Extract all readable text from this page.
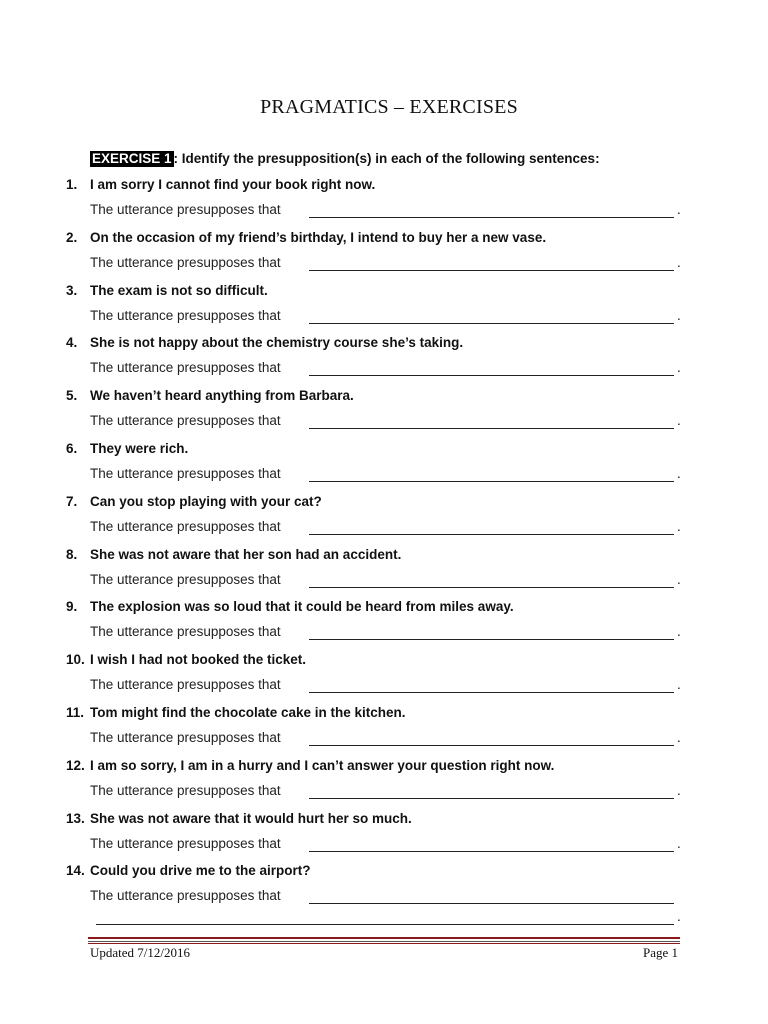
PRAGMATICS – EXERCISES
EXERCISE 1 : Identify the presupposition(s) in each of the following sentences:
1. I am sorry I cannot find your book right now.
The utterance presupposes that	.
2. On the occasion of my friend’s birthday, I intend to buy her a new vase.
The utterance presupposes that	.
3. The exam is not so difficult.
The utterance presupposes that	.
4. She is not happy about the chemistry course she’s taking.
The utterance presupposes that	.
5. We haven’t heard anything from Barbara.
The utterance presupposes that	.
6. They were rich.
The utterance presupposes that	.
7. Can you stop playing with your cat?
The utterance presupposes that	.
8. She was not aware that her son had an accident.
The utterance presupposes that	.
9. The explosion was so loud that it could be heard from miles away.
The utterance presupposes that	.
10. I wish I had not booked the ticket.
The utterance presupposes that	.
11. Tom might find the chocolate cake in the kitchen.
The utterance presupposes that	.
12. I am so sorry, I am in a hurry and I can’t answer your question right now.
The utterance presupposes that	.
13. She was not aware that it would hurt her so much.
The utterance presupposes that	.
14. Could you drive me to the airport?
The utterance presupposes that
.
Updated 7/12/2016	Page 1
